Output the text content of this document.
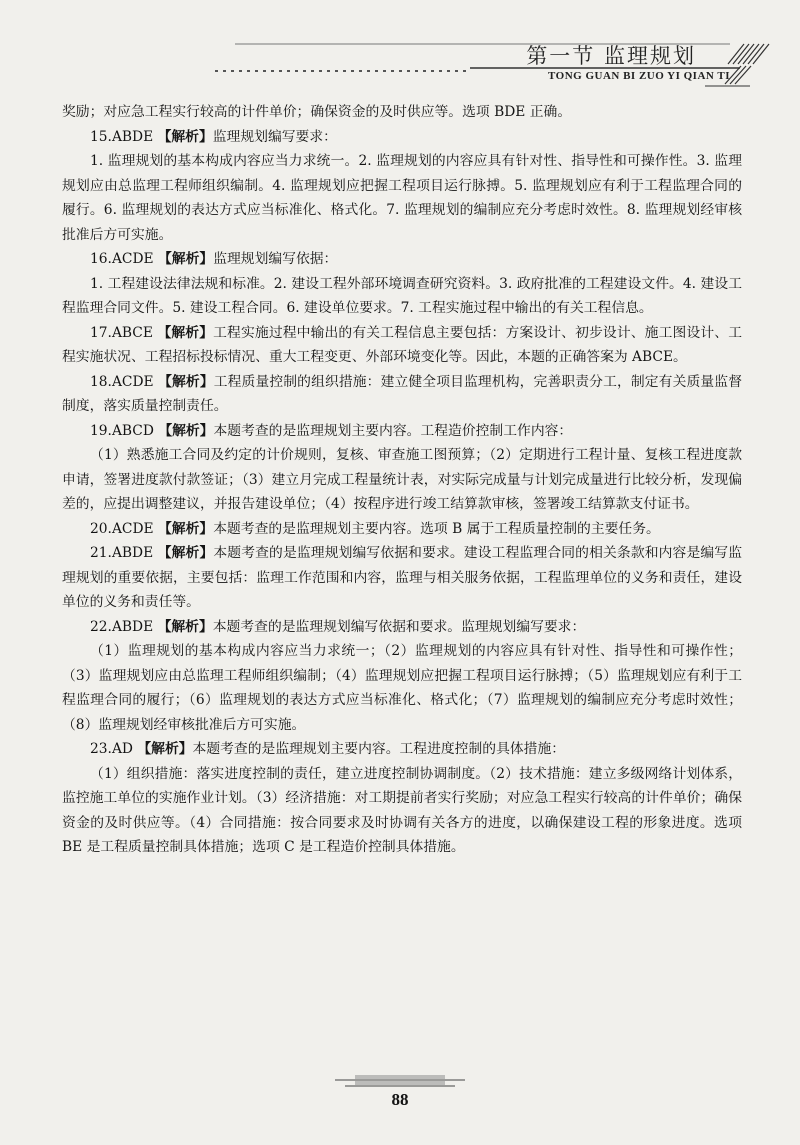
第一节 监理规划
TONG GUAN BI ZUO YI QIAN TI

奖励；对应急工程实行较高的计件单价；确保资金的及时供应等。选项 BDE 正确。

15.ABDE 【解析】监理规划编写要求：

1. 监理规划的基本构成内容应当力求统一。2. 监理规划的内容应具有针对性、指导性和可操作性。3. 监理规划应由总监理工程师组织编制。4. 监理规划应把握工程项目运行脉搏。5. 监理规划应有利于工程监理合同的履行。6. 监理规划的表达方式应当标准化、格式化。7. 监理规划的编制应充分考虑时效性。8. 监理规划经审核批准后方可实施。

16.ACDE 【解析】监理规划编写依据：

1. 工程建设法律法规和标准。2. 建设工程外部环境调查研究资料。3. 政府批准的工程建设文件。4. 建设工程监理合同文件。5. 建设工程合同。6. 建设单位要求。7. 工程实施过程中输出的有关工程信息。

17.ABCE 【解析】工程实施过程中输出的有关工程信息主要包括：方案设计、初步设计、施工图设计、工程实施状况、工程招标投标情况、重大工程变更、外部环境变化等。因此，本题的正确答案为 ABCE。

18.ACDE 【解析】工程质量控制的组织措施：建立健全项目监理机构，完善职责分工，制定有关质量监督制度，落实质量控制责任。

19.ABCD 【解析】本题考查的是监理规划主要内容。工程造价控制工作内容：

（1）熟悉施工合同及约定的计价规则，复核、审查施工图预算；（2）定期进行工程计量、复核工程进度款申请，签署进度款付款签证；（3）建立月完成工程量统计表，对实际完成量与计划完成量进行比较分析，发现偏差的，应提出调整建议，并报告建设单位；（4）按程序进行竣工结算款审核，签署竣工结算款支付证书。

20.ACDE 【解析】本题考查的是监理规划主要内容。选项 B 属于工程质量控制的主要任务。

21.ABDE 【解析】本题考查的是监理规划编写依据和要求。建设工程监理合同的相关条款和内容是编写监理规划的重要依据，主要包括：监理工作范围和内容，监理与相关服务依据，工程监理单位的义务和责任，建设单位的义务和责任等。

22.ABDE 【解析】本题考查的是监理规划编写依据和要求。监理规划编写要求：

（1）监理规划的基本构成内容应当力求统一；（2）监理规划的内容应具有针对性、指导性和可操作性；（3）监理规划应由总监理工程师组织编制；（4）监理规划应把握工程项目运行脉搏；（5）监理规划应有利于工程监理合同的履行；（6）监理规划的表达方式应当标准化、格式化；（7）监理规划的编制应充分考虑时效性；（8）监理规划经审核批准后方可实施。

23.AD 【解析】本题考查的是监理规划主要内容。工程进度控制的具体措施：

（1）组织措施：落实进度控制的责任，建立进度控制协调制度。（2）技术措施：建立多级网络计划体系，监控施工单位的实施作业计划。（3）经济措施：对工期提前者实行奖励；对应急工程实行较高的计件单价；确保资金的及时供应等。（4）合同措施：按合同要求及时协调有关各方的进度，以确保建设工程的形象进度。选项 BE 是工程质量控制具体措施；选项 C 是工程造价控制具体措施。

88
